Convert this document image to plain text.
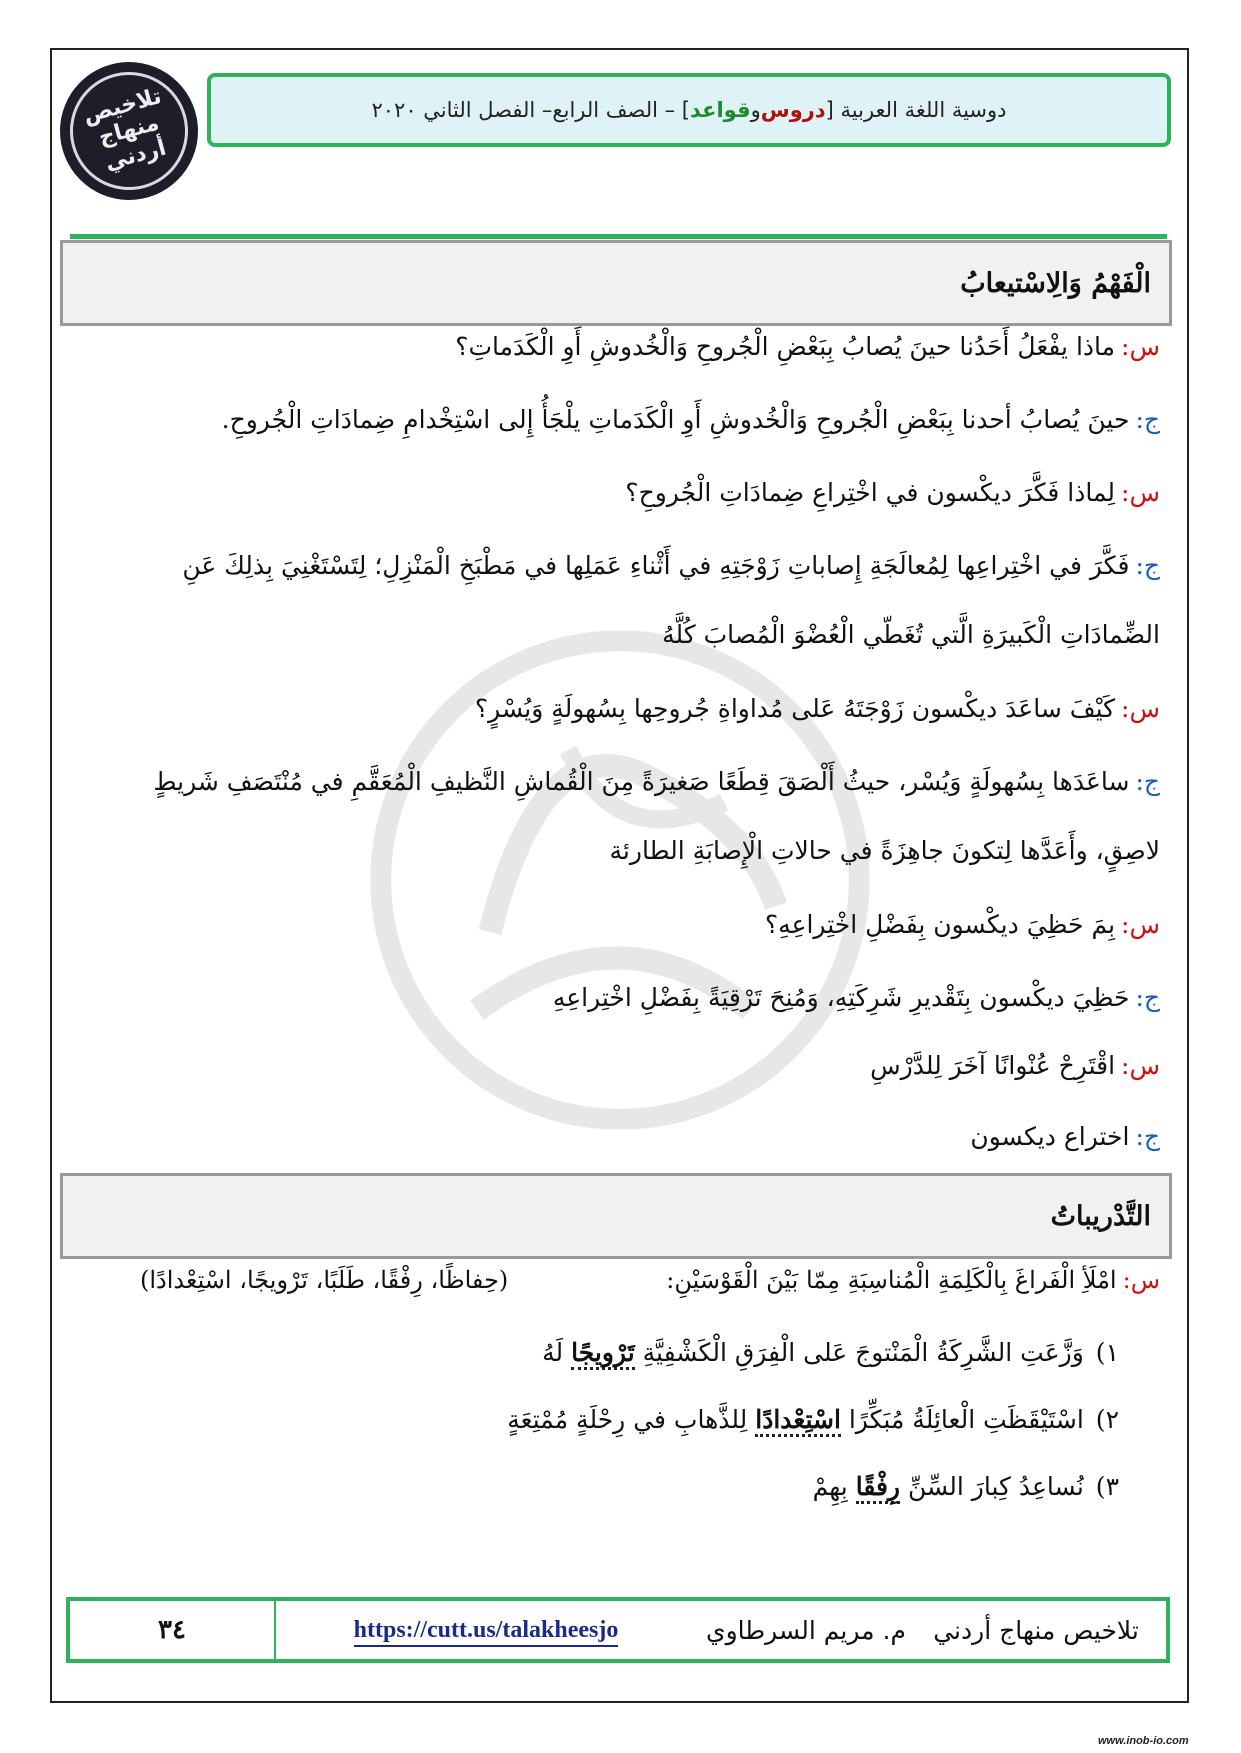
تلاخيص منهاج أردني
دوسية اللغة العربية [
دروس
و
قواعد
] – الصف الرابع– الفصل الثاني ٢٠٢٠
الْفَهْمُ وَالِاسْتيعابُ
س:ماذا يفْعَلُ أَحَدُنا حينَ يُصابُ بِبَعْضِ الْجُروحِ وَالْخُدوشِ أَوِ الْكَدَماتِ؟
ج:حينَ يُصابُ أحدنا بِبَعْضِ الْجُروحِ وَالْخُدوشِ أَوِ الْكَدَماتِ يلْجَأُ إِلى اسْتِخْدامِ ضِمادَاتِ الْجُروحِ.
س:لِماذا فَكَّرَ ديكْسون في اخْتِراعِ ضِمادَاتِ الْجُروحِ؟
ج:فَكَّرَ في اخْتِراعِها لِمُعالَجَةِ إِصاباتِ زَوْجَتِهِ في أَثْناءِ عَمَلِها في مَطْبَخِ الْمَنْزِلِ؛ لِتَسْتَغْنِيَ بِذلِكَ عَنِ
الضِّمادَاتِ الْكَبيرَةِ الَّتي تُغَطّي الْعُضْوَ الْمُصابَ كُلَّهُ
س:كَيْفَ ساعَدَ ديكْسون زَوْجَتَهُ عَلى مُداواةِ جُروحِها بِسُهولَةٍ وَيُسْرٍ؟
ج:ساعَدَها بِسُهولَةٍ وَيُسْر، حيثُ أَلْصَقَ قِطَعًا صَغيرَةً مِنَ الْقُماشِ النَّظيفِ الْمُعَقَّمِ في مُنْتَصَفِ شَريطٍ
لاصِقٍ، وأَعَدَّها لِتكونَ جاهِزَةً في حالاتِ الْإِصابَةِ الطارئة
س:بِمَ حَظِيَ ديكْسون بِفَضْلِ اخْتِراعِهِ؟
ج:حَظِيَ ديكْسون بِتَقْديرِ شَرِكَتِهِ، وَمُنِحَ تَرْقِيَةً بِفَضْلِ اخْتِراعِهِ
س:اقْتَرِحْ عُنْوانًا آخَرَ لِلدَّرْسِ
ج:اختراع ديكسون
التَّدْريباتُ
س:امْلَأِ الْفَراغَ بِالْكَلِمَةِ الْمُناسِبَةِ مِمّا بَيْنَ الْقَوْسَيْنِ:
(حِفاظًا، رِفْقًا، طَلَبًا، تَرْويجًا، اسْتِعْدادًا)
١)وَزَّعَتِ الشَّرِكَةُ الْمَنْتوجَ عَلى الْفِرَقِ الْكَشْفِيَّةِ تَرْويجًا لَهُ
٢)اسْتَيْقَظَتِ الْعائِلَةُ مُبَكِّرًا اسْتِعْدادًا لِلذَّهابِ في رِحْلَةٍ مُمْتِعَةٍ
٣)نُساعِدُ كِبارَ السِّنِّ رِفْقًا بِهِمْ
تلاخيص منهاج أردني
م. مريم السرطاوي
https://cutt.us/talakheesjo
٣٤
www.inob-io.com
